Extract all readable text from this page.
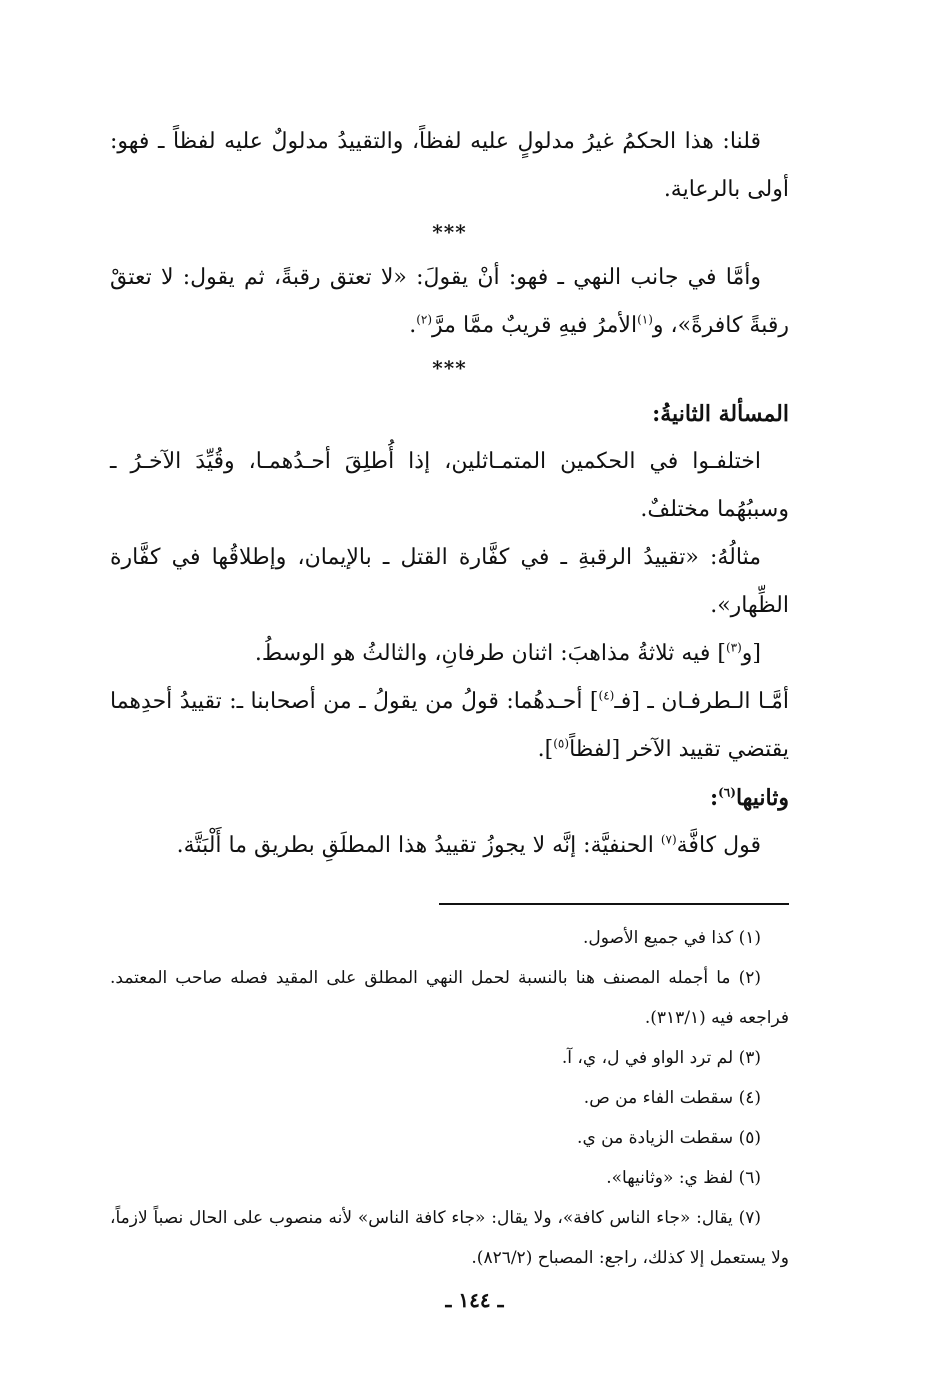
قلنا: هذا الحكمُ غيرُ مدلولٍ عليه لفظاً، والتقييدُ مدلولٌ عليه لفظاً ـ فهو: أولى بالرعاية.

***

وأمَّا في جانب النهي ـ فهو: أنْ يقولَ: «لا تعتق رقبةً، ثم يقول: لا تعتقْ رقبةً كافرةً»، و$^{(١)}$الأمرُ فيهِ قريبٌ ممَّا مرَّ$^{(٢)}$.

***

المسألة الثانيةُ:

اختلفـوا في الحكمين المتمـاثلين، إذا أُطلِقَ أحـدُهمـا، وقُيِّدَ الآخـرُ ـ وسببُهُما مختلفٌ.

مثالُهُ: «تقييدُ الرقبةِ ـ في كفَّارة القتل ـ بالإيمان، وإطلاقُها في كفَّارة الظِّهار».

[و$^{(٣)}$] فيه ثلاثةُ مذاهبَ: اثنان طرفانِ، والثالثُ هو الوسطُ.

أمَّـا الـطرفـان ـ [فـ$^{(٤)}$] أحـدهُما: قولُ من يقولُ ـ من أصحابنا ـ: تقييدُ أحدِهما يقتضي تقييد الآخر [لفظاً$^{(٥)}$].

وثانيها$^{(٦)}$:

قول كافَّة$^{(٧)}$ الحنفيَّة: إنَّه لا يجوزُ تقييدُ هذا المطلَقِ بطريق ما أَلْبَتَّة.

(١) كذا في جميع الأصول.

(٢) ما أجمله المصنف هنا بالنسبة لحمل النهي المطلق على المقيد فصله صاحب المعتمد. فراجعه فيه (٣١٣/١).

(٣) لم ترد الواو في ل، ي، آ.

(٤) سقطت الفاء من ص.

(٥) سقطت الزيادة من ي.

(٦) لفظ ي: «وثانيها».

(٧) يقال: «جاء الناس كافة»، ولا يقال: «جاء كافة الناس» لأنه منصوب على الحال نصباً لازماً، ولا يستعمل إلا كذلك، راجع: المصباح (٨٢٦/٢).

ـ ١٤٤ ـ
